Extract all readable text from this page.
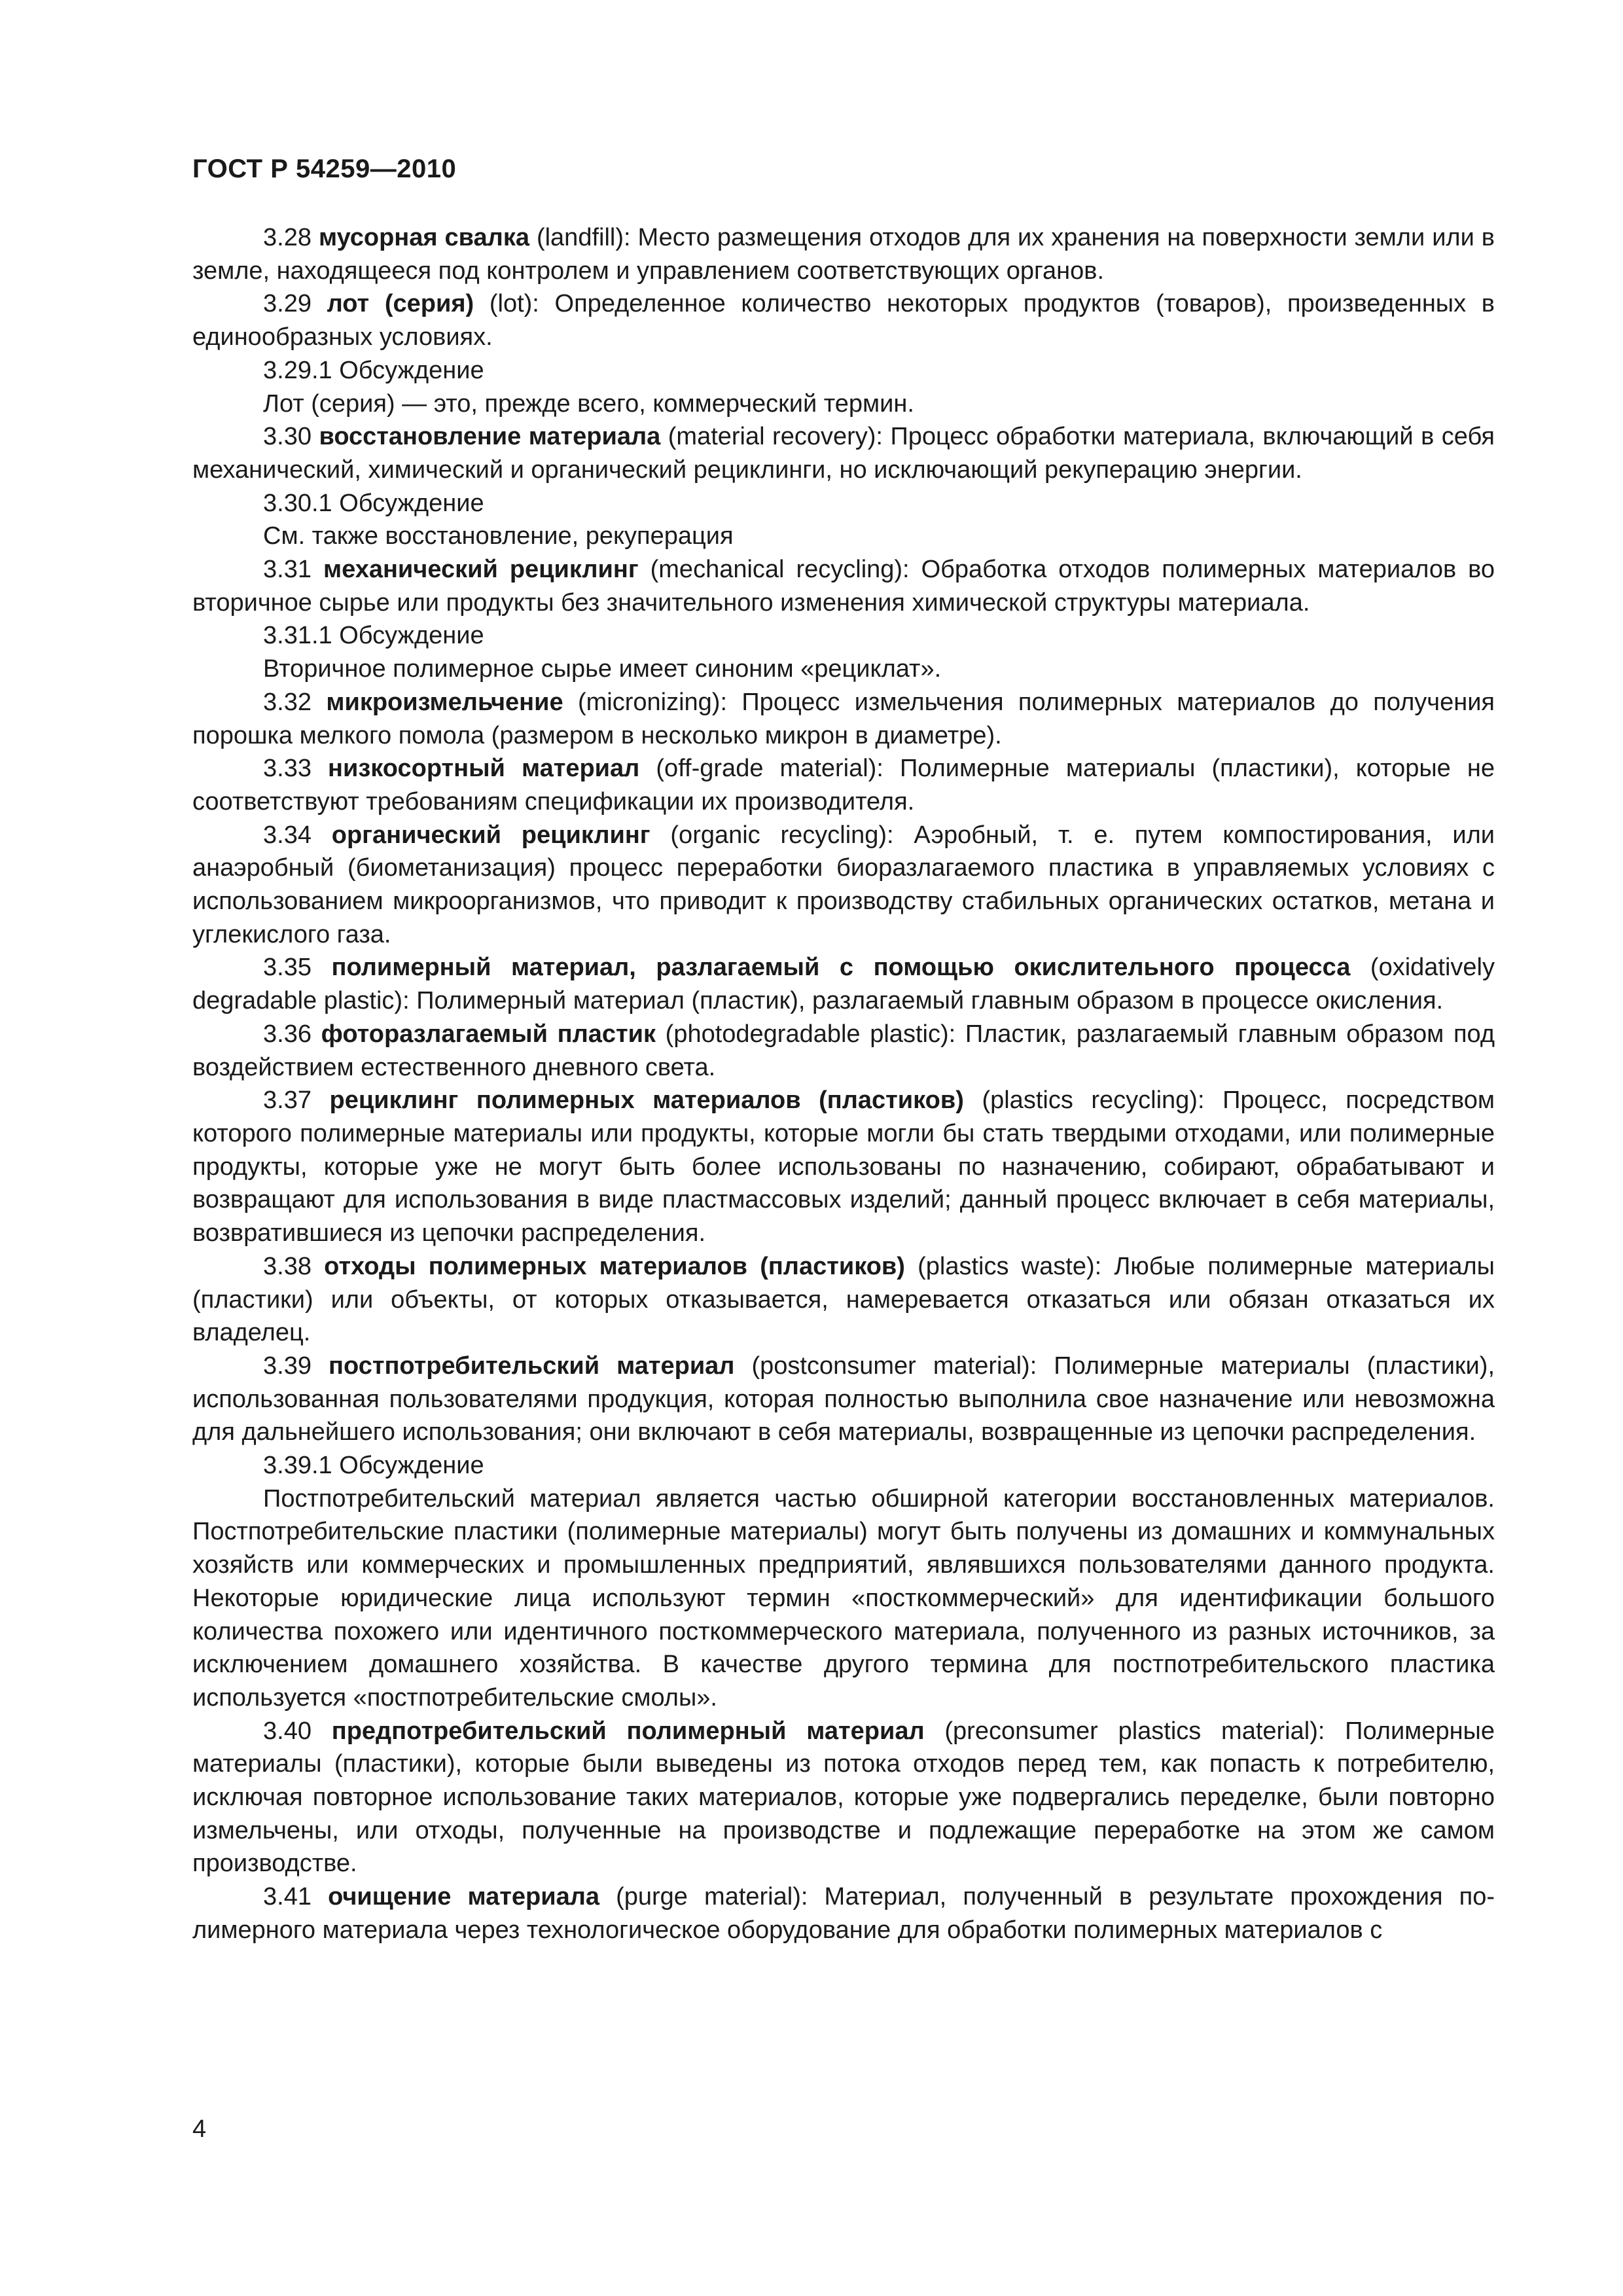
ГОСТ Р 54259—2010

3.28 мусорная свалка (landfill): Место размещения отходов для их хранения на поверхности земли или в земле, находящееся под контролем и управлением соответствующих органов.

3.29 лот (серия) (lot): Определенное количество некоторых продуктов (товаров), произведенных в единообразных условиях.

3.29.1 Обсуждение

Лот (серия) — это, прежде всего, коммерческий термин.

3.30 восстановление материала (material recovery): Процесс обработки материала, включающий в себя механический, химический и органический рециклинги, но исключающий рекуперацию энергии.

3.30.1 Обсуждение

См. также восстановление, рекуперация

3.31 механический рециклинг (mechanical recycling): Обработка отходов полимерных материалов во вторичное сырье или продукты без значительного изменения химической структуры материала.

3.31.1 Обсуждение

Вторичное полимерное сырье имеет синоним «рециклат».

3.32 микроизмельчение (micronizing): Процесс измельчения полимерных материалов до получения порошка мелкого помола (размером в несколько микрон в диаметре).

3.33 низкосортный материал (off-grade material): Полимерные материалы (пластики), которые не соответствуют требованиям спецификации их производителя.

3.34 органический рециклинг (organic recycling): Аэробный, т. е. путем компостирования, или анаэробный (биометанизация) процесс переработки биоразлагаемого пластика в управляемых условиях с использованием микроорганизмов, что приводит к производству стабильных органических остатков, метана и углекислого газа.

3.35 полимерный материал, разлагаемый с помощью окислительного процесса (oxidatively degradable plastic): Полимерный материал (пластик), разлагаемый главным образом в процессе окисления.

3.36 фоторазлагаемый пластик (photodegradable plastic): Пластик, разлагаемый главным образом под воздействием естественного дневного света.

3.37 рециклинг полимерных материалов (пластиков) (plastics recycling): Процесс, посредством которого полимерные материалы или продукты, которые могли бы стать твердыми отходами, или полимерные продукты, которые уже не могут быть более использованы по назначению, собирают, обрабатывают и возвращают для использования в виде пластмассовых изделий; данный процесс включает в себя материалы, возвратившиеся из цепочки распределения.

3.38 отходы полимерных материалов (пластиков) (plastics waste): Любые полимерные материалы (пластики) или объекты, от которых отказывается, намеревается отказаться или обязан отказаться их владелец.

3.39 постпотребительский материал (postconsumer material): Полимерные материалы (пластики), использованная пользователями продукция, которая полностью выполнила свое назначение или невозможна для дальнейшего использования; они включают в себя материалы, возвращенные из цепочки распределения.

3.39.1 Обсуждение

Постпотребительский материал является частью обширной категории восстановленных материалов. Постпотребительские пластики (полимерные материалы) могут быть получены из домашних и коммунальных хозяйств или коммерческих и промышленных предприятий, являвшихся пользователями данного продукта. Некоторые юридические лица используют термин «посткоммерческий» для идентификации большого количества похожего или идентичного посткоммерческого материала, полученного из разных источников, за исключением домашнего хозяйства. В качестве другого термина для постпотребительского пластика используется «постпотребительские смолы».

3.40 предпотребительский полимерный материал (preconsumer plastics material): Полимерные материалы (пластики), которые были выведены из потока отходов перед тем, как попасть к потребителю, исключая повторное использование таких материалов, которые уже подвергались переделке, были повторно измельчены, или отходы, полученные на производстве и подлежащие переработке на этом же самом производстве.

3.41 очищение материала (purge material): Материал, полученный в результате прохождения полимерного материала через технологическое оборудование для обработки полимерных материалов с

4
